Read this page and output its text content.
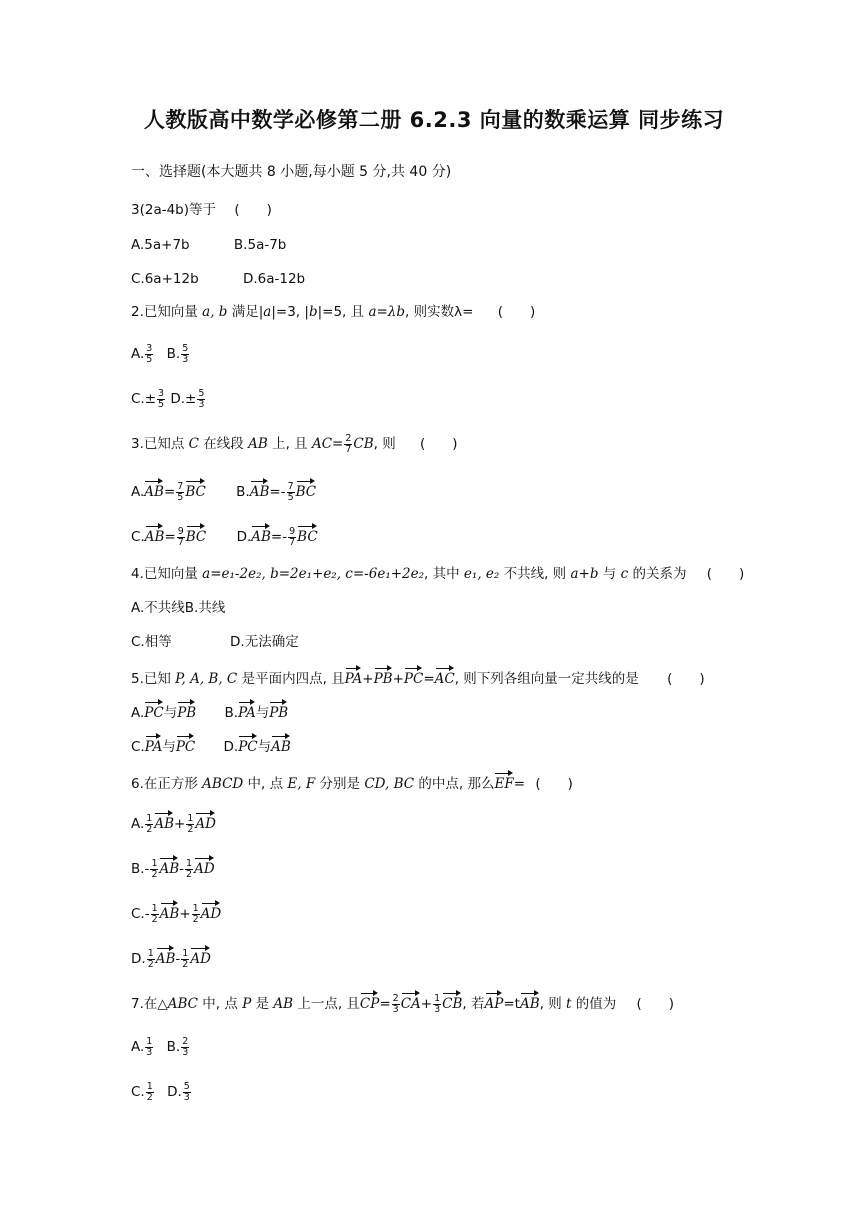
人教版高中数学必修第二册 6.2.3 向量的数乘运算 同步练习
一、选择题(本大题共 8 小题,每小题 5 分,共 40 分)
3(2a-4b)等于 (　　)
A.5a+7b	B.5a-7b
C.6a+12b	D.6a-12b
2.已知向量 a, b 满足|a|=3, |b|=5, 且 a=λb, 则实数λ= (　　)
A. $\frac{3}{5} B$. $\frac{5}{3}$
$C.\pm \frac{3}{5} D.\pm \frac{5}{3}$
3.已知点 C 在线段 AB 上, 且 $AC= \frac{2}{7}$ CB, 则 (　　)
$A.AB= \frac{7}{5}$ BC $B.AB=- \frac{7}{5}$ BC
$C.AB= \frac{9}{7}$ BC $D.AB=- \frac{9}{7}$ BC
4.已知向量 a=e₁-2e₂, b=2e₁+e₂, c=-6e₁+2e₂, 其中 e₁, e₂ 不共线, 则 a+b 与 c 的关系为 (　　)
A.不共线B.共线
C.相等	D.无法确定
5.已知 P, A, B, C 是平面内四点, 且PA+PB+PC=AC, 则下列各组向量一定共线的是 (　　)
A.PC与PB B.PA与PB
C.PA与PC D.PC与AB
6.在正方形 ABCD 中, 点 E, F 分别是 CD, BC 的中点, 那么EF= (　　)
A. $\frac{1}{2} AB+ \frac{1}{2}$ AD
$B.- \frac{1}{2} AB- \frac{1}{2}$ AD
$C.- \frac{1}{2} AB+ \frac{1}{2}$ AD
D. $\frac{1}{2} AB- \frac{1}{2}$ AD
7.在△ABC 中, 点 P 是 AB 上一点, 且$CP= \frac{2}{3} CA+ \frac{1}{3}$ CB, 若AP=tAB, 则 t 的值为 (　　)
A. $\frac{1}{3} B$. $\frac{2}{3}$
C. $\frac{1}{2} D$. $\frac{5}{3}$
